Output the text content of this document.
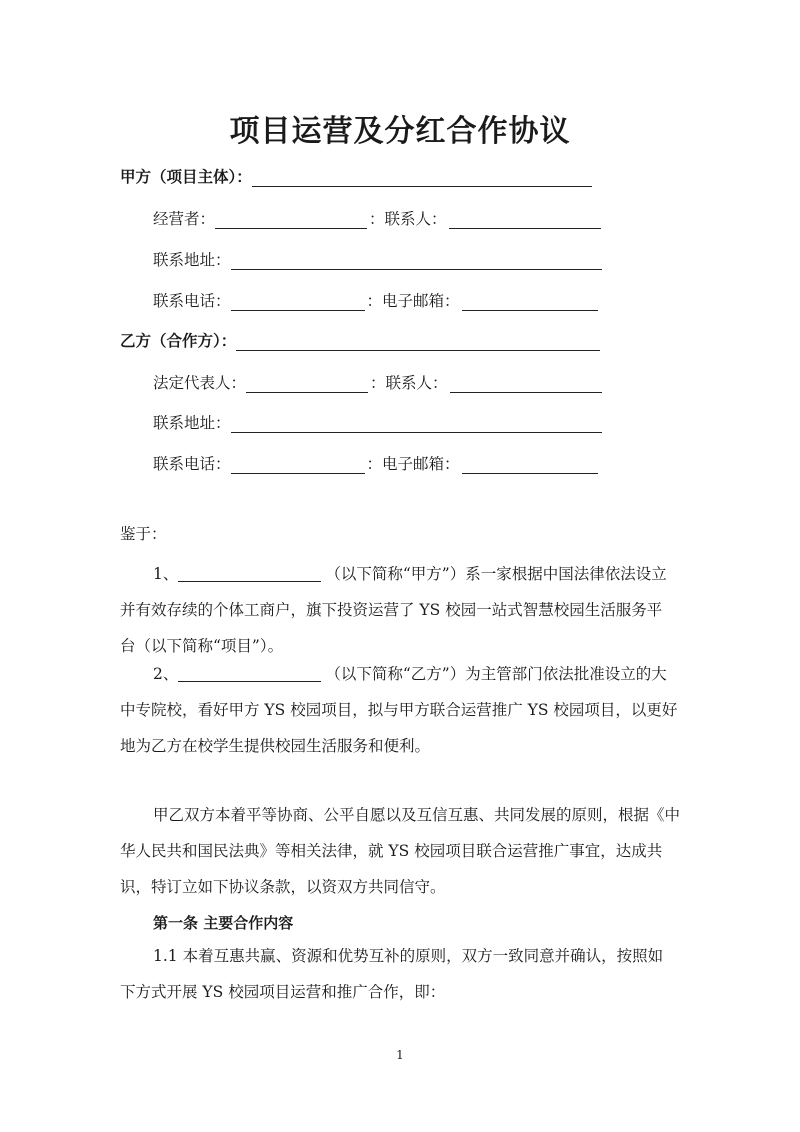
项目运营及分红合作协议
甲方（项目主体）：
经营者：	：联系人：
联系地址：
联系电话：	：电子邮箱：
乙方（合作方）：
法定代表人：	：联系人：
联系地址：
联系电话：	：电子邮箱：
鉴于：
1、	（以下简称“甲方”）系一家根据中国法律依法设立
并有效存续的个体工商户，旗下投资运营了 YS 校园一站式智慧校园生活服务平
台（以下简称“项目”）。
2、	（以下简称“乙方”）为主管部门依法批准设立的大
中专院校，看好甲方 YS 校园项目，拟与甲方联合运营推广 YS 校园项目，以更好
地为乙方在校学生提供校园生活服务和便利。
甲乙双方本着平等协商、公平自愿以及互信互惠、共同发展的原则，根据《中
华人民共和国民法典》等相关法律，就 YS 校园项目联合运营推广事宜，达成共
识，特订立如下协议条款，以资双方共同信守。
第一条 主要合作内容
1.1 本着互惠共赢、资源和优势互补的原则，双方一致同意并确认，按照如
下方式开展 YS 校园项目运营和推广合作，即：
1
